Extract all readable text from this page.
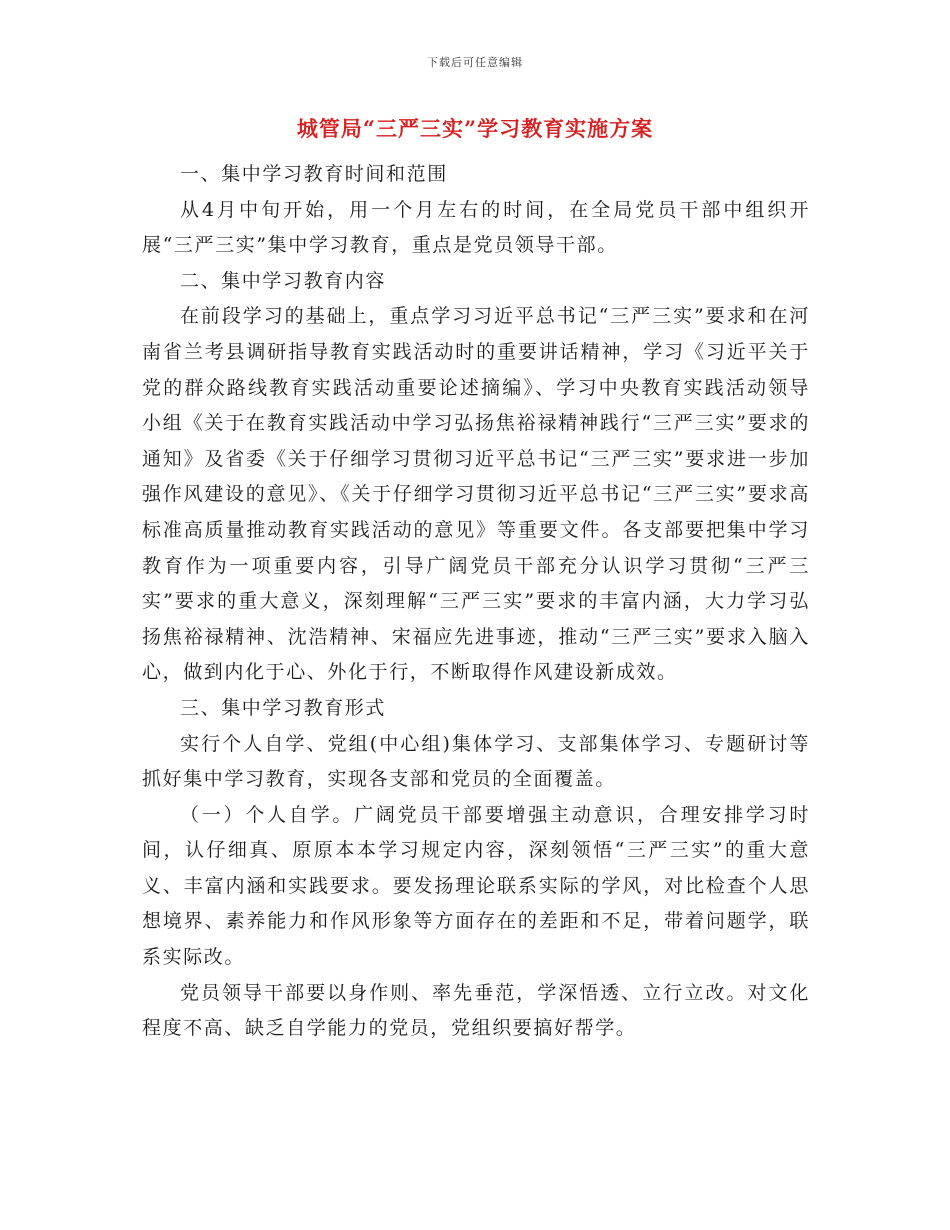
下载后可任意编辑
城管局“三严三实”学习教育实施方案

一、集中学习教育时间和范围

从4月中旬开始，用一个月左右的时间，在全局党员干部中组织开展“三严三实”集中学习教育，重点是党员领导干部。

二、集中学习教育内容

在前段学习的基础上，重点学习习近平总书记“三严三实”要求和在河南省兰考县调研指导教育实践活动时的重要讲话精神，学习《习近平关于党的群众路线教育实践活动重要论述摘编》、学习中央教育实践活动领导小组《关于在教育实践活动中学习弘扬焦裕禄精神践行“三严三实”要求的通知》及省委《关于仔细学习贯彻习近平总书记“三严三实”要求进一步加强作风建设的意见》、《关于仔细学习贯彻习近平总书记“三严三实”要求高标准高质量推动教育实践活动的意见》等重要文件。各支部要把集中学习教育作为一项重要内容，引导广阔党员干部充分认识学习贯彻“三严三实”要求的重大意义，深刻理解“三严三实”要求的丰富内涵，大力学习弘扬焦裕禄精神、沈浩精神、宋福应先进事迹，推动“三严三实”要求入脑入心，做到内化于心、外化于行，不断取得作风建设新成效。

三、集中学习教育形式

实行个人自学、党组(中心组)集体学习、支部集体学习、专题研讨等抓好集中学习教育，实现各支部和党员的全面覆盖。

（一）个人自学。广阔党员干部要增强主动意识，合理安排学习时间，认仔细真、原原本本学习规定内容，深刻领悟“三严三实”的重大意义、丰富内涵和实践要求。要发扬理论联系实际的学风，对比检查个人思想境界、素养能力和作风形象等方面存在的差距和不足，带着问题学，联系实际改。

党员领导干部要以身作则、率先垂范，学深悟透、立行立改。对文化程度不高、缺乏自学能力的党员，党组织要搞好帮学。
